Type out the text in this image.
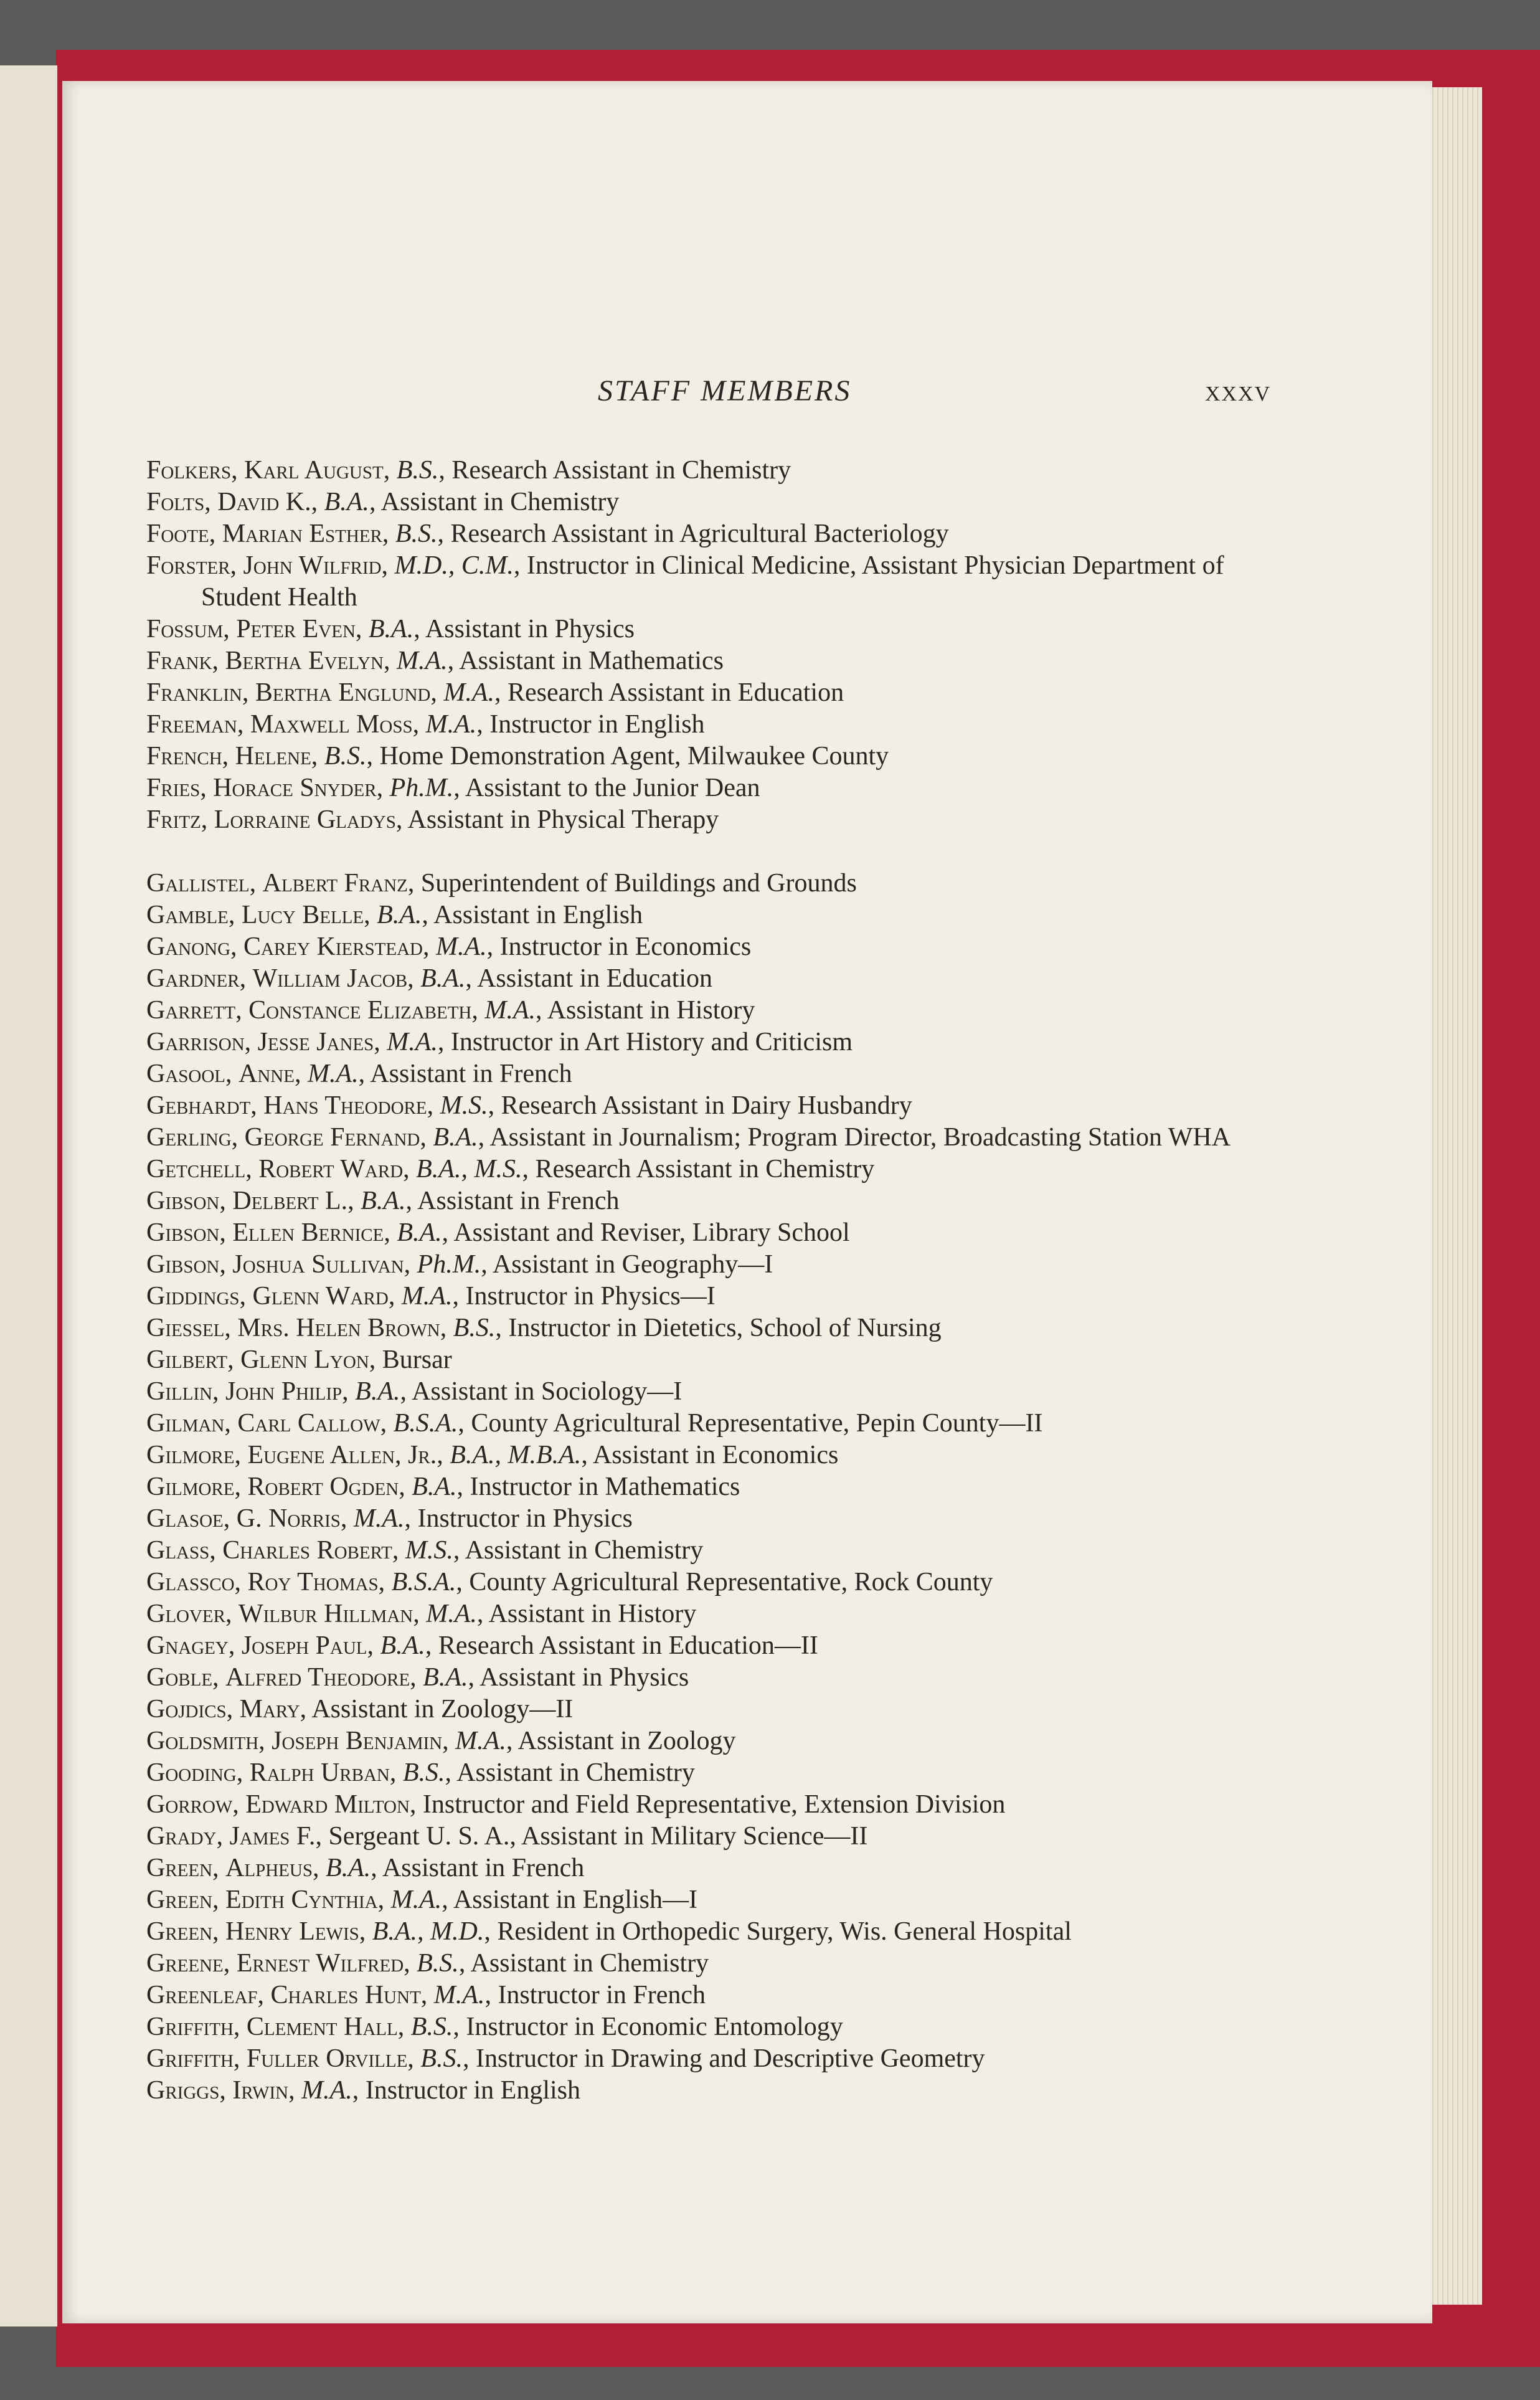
STAFF MEMBERS	xxxv

Folkers, Karl August, B.S., Research Assistant in Chemistry

Folts, David K., B.A., Assistant in Chemistry

Foote, Marian Esther, B.S., Research Assistant in Agricultural Bacteriology

Forster, John Wilfrid, M.D., C.M., Instructor in Clinical Medicine, Assistant Physician Department of Student Health

Fossum, Peter Even, B.A., Assistant in Physics

Frank, Bertha Evelyn, M.A., Assistant in Mathematics

Franklin, Bertha Englund, M.A., Research Assistant in Education

Freeman, Maxwell Moss, M.A., Instructor in English

French, Helene, B.S., Home Demonstration Agent, Milwaukee County

Fries, Horace Snyder, Ph.M., Assistant to the Junior Dean

Fritz, Lorraine Gladys, Assistant in Physical Therapy

Gallistel, Albert Franz, Superintendent of Buildings and Grounds

Gamble, Lucy Belle, B.A., Assistant in English

Ganong, Carey Kierstead, M.A., Instructor in Economics

Gardner, William Jacob, B.A., Assistant in Education

Garrett, Constance Elizabeth, M.A., Assistant in History

Garrison, Jesse Janes, M.A., Instructor in Art History and Criticism

Gasool, Anne, M.A., Assistant in French

Gebhardt, Hans Theodore, M.S., Research Assistant in Dairy Husbandry

Gerling, George Fernand, B.A., Assistant in Journalism; Program Director, Broadcasting Station WHA

Getchell, Robert Ward, B.A., M.S., Research Assistant in Chemistry

Gibson, Delbert L., B.A., Assistant in French

Gibson, Ellen Bernice, B.A., Assistant and Reviser, Library School

Gibson, Joshua Sullivan, Ph.M., Assistant in Geography—I

Giddings, Glenn Ward, M.A., Instructor in Physics—I

Giessel, Mrs. Helen Brown, B.S., Instructor in Dietetics, School of Nursing

Gilbert, Glenn Lyon, Bursar

Gillin, John Philip, B.A., Assistant in Sociology—I

Gilman, Carl Callow, B.S.A., County Agricultural Representative, Pepin County—II

Gilmore, Eugene Allen, Jr., B.A., M.B.A., Assistant in Economics

Gilmore, Robert Ogden, B.A., Instructor in Mathematics

Glasoe, G. Norris, M.A., Instructor in Physics

Glass, Charles Robert, M.S., Assistant in Chemistry

Glassco, Roy Thomas, B.S.A., County Agricultural Representative, Rock County

Glover, Wilbur Hillman, M.A., Assistant in History

Gnagey, Joseph Paul, B.A., Research Assistant in Education—II

Goble, Alfred Theodore, B.A., Assistant in Physics

Gojdics, Mary, Assistant in Zoology—II

Goldsmith, Joseph Benjamin, M.A., Assistant in Zoology

Gooding, Ralph Urban, B.S., Assistant in Chemistry

Gorrow, Edward Milton, Instructor and Field Representative, Extension Division

Grady, James F., Sergeant U. S. A., Assistant in Military Science—II

Green, Alpheus, B.A., Assistant in French

Green, Edith Cynthia, M.A., Assistant in English—I

Green, Henry Lewis, B.A., M.D., Resident in Orthopedic Surgery, Wis. General Hospital

Greene, Ernest Wilfred, B.S., Assistant in Chemistry

Greenleaf, Charles Hunt, M.A., Instructor in French

Griffith, Clement Hall, B.S., Instructor in Economic Entomology

Griffith, Fuller Orville, B.S., Instructor in Drawing and Descriptive Geometry

Griggs, Irwin, M.A., Instructor in English
